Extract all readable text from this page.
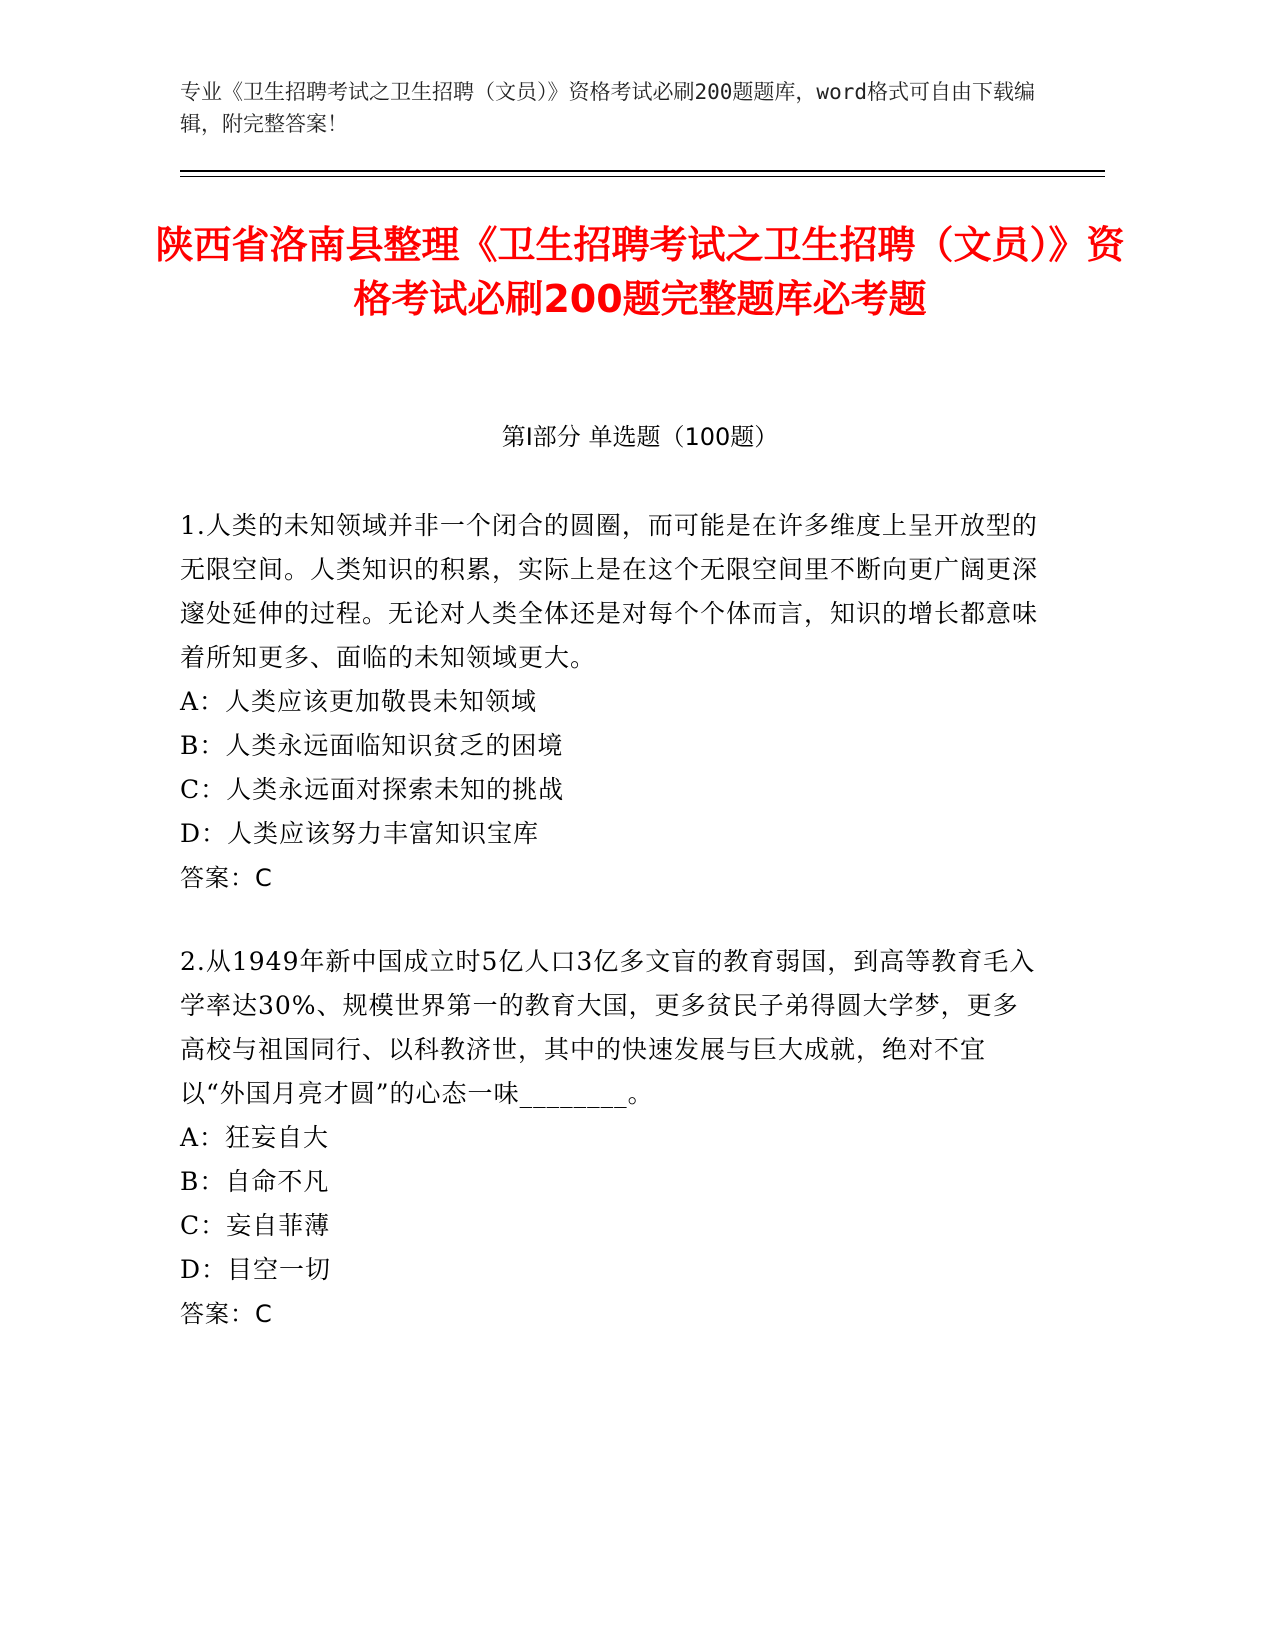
专业《卫生招聘考试之卫生招聘（文员）》资格考试必刷200题题库，word格式可自由下载编辑，附完整答案！
陕西省洛南县整理《卫生招聘考试之卫生招聘（文员）》资格考试必刷200题完整题库必考题
第Ⅰ部分 单选题（100题）

1.人类的未知领域并非一个闭合的圆圈，而可能是在许多维度上呈开放型的无限空间。人类知识的积累，实际上是在这个无限空间里不断向更广阔更深邃处延伸的过程。无论对人类全体还是对每个个体而言，知识的增长都意味着所知更多、面临的未知领域更大。

A：人类应该更加敬畏未知领域

B：人类永远面临知识贫乏的困境

C：人类永远面对探索未知的挑战

D：人类应该努力丰富知识宝库

答案：C

2.从1949年新中国成立时5亿人口3亿多文盲的教育弱国，到高等教育毛入学率达30%、规模世界第一的教育大国，更多贫民子弟得圆大学梦，更多高校与祖国同行、以科教济世，其中的快速发展与巨大成就，绝对不宜以“外国月亮才圆”的心态一味________。

A：狂妄自大

B：自命不凡

C：妄自菲薄

D：目空一切

答案：C
